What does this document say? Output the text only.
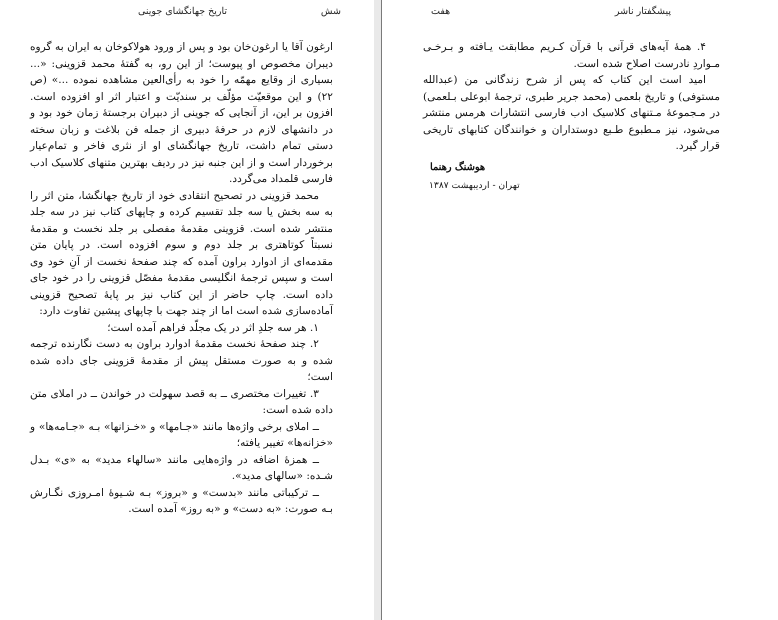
شش
تاریخ جهانگشای جوینی

ارغون آقا یا ارغون‌خان بود و پس از ورود هولاکوخان به ایران به گروه دیبران مخصوص او پیوست؛ از این رو، به گفتهٔ محمد قزوینی: «... بسیاری از وقایع مهمّه را خود به رأی‌العین مشاهده نموده ...» (ص ۲۲) و این موقعیّت مؤلّف بر سندیّت و اعتبار اثر او افزوده است. افزون بر این، از آنجایی که جوینی از دبیران برجستهٔ زمان خود بود و در دانشهای لازم در حرفهٔ دبیری از جمله فن بلاغت و زبان سخته دستی تمام داشت، تاریخ جهانگشای او از نثری فاخر و تمام‌عیار برخوردار است و از این جنبه نیز در ردیف بهترین متنهای کلاسیک ادب فارسی قلمداد می‌گردد.

محمد قزوینی در تصحیح انتقادی خود از تاریخ جهانگشا، متن اثر را به سه بخش یا سه جلد تقسیم کرده و چاپهای کتاب نیز در سه جلد منتشر شده است. قزوینی مقدمهٔ مفصلی بر جلد نخست و مقدمهٔ نسبتاً کوتاهتری بر جلد دوم و سوم افزوده است. در پایان متن مقدمه‌ای از ادوارد براون آمده که چند صفحهٔ نخست از آنِ خود وی است و سپس ترجمهٔ انگلیسی مقدمهٔ مفصّل قزوینی را در خود جای داده است. چاپ حاضر از این کتاب نیز بر پایهٔ تصحیح قزوینی آماده‌سازی شده است اما از چند جهت با چاپهای پیشین تفاوت دارد:

۱. هر سه جلدِ اثر در یک مجلّد فراهم آمده است؛

۲. چند صفحهٔ نخست مقدمهٔ ادوارد براون به دست نگارنده ترجمه شده و به صورت مستقل پیش از مقدمهٔ قزوینی جای داده شده است؛

۳. تغییرات مختصری ــ به قصد سهولت در خواندن ــ در املای متن داده شده است:

ــ املای برخی واژه‌ها مانند «جـامها» و «خـزانها» بـه «جـامه‌ها» و «خزانه‌ها» تغییر یافته؛

ــ همزهٔ اضافه در واژه‌هایی مانند «سالهاء مدید» به «ی» بـدل شـده: «سالهای مدید».

ــ ترکیباتی مانند «بدست» و «بروز» بـه شـیوهٔ امـروزی نگـارش بـه صورت: «به دست» و «به روز» آمده است.

پیشگفتار ناشر
هفت

۴. همهٔ آیه‌های قرآنی با قرآن کـریم مطابقت یـافته و بـرخـی مـواردِ نادرست اصلاح شده است.

امید است این کتاب که پس از شرح زندگانی من (عبدالله مستوفی) و تاریخ بلعمی (محمد جریر طبری، ترجمهٔ ابوعلی بـلعمی) در مـجموعهٔ مـتنهای کلاسیک ادب فارسی انتشارات هرمس منتشر می‌شود، نیز مـطبوع طـبع دوستداران و خوانندگان کتابهای تاریخی قرار گیرد.

هوشنگ رهنما
تهران - اردیبهشت ۱۳۸۷
